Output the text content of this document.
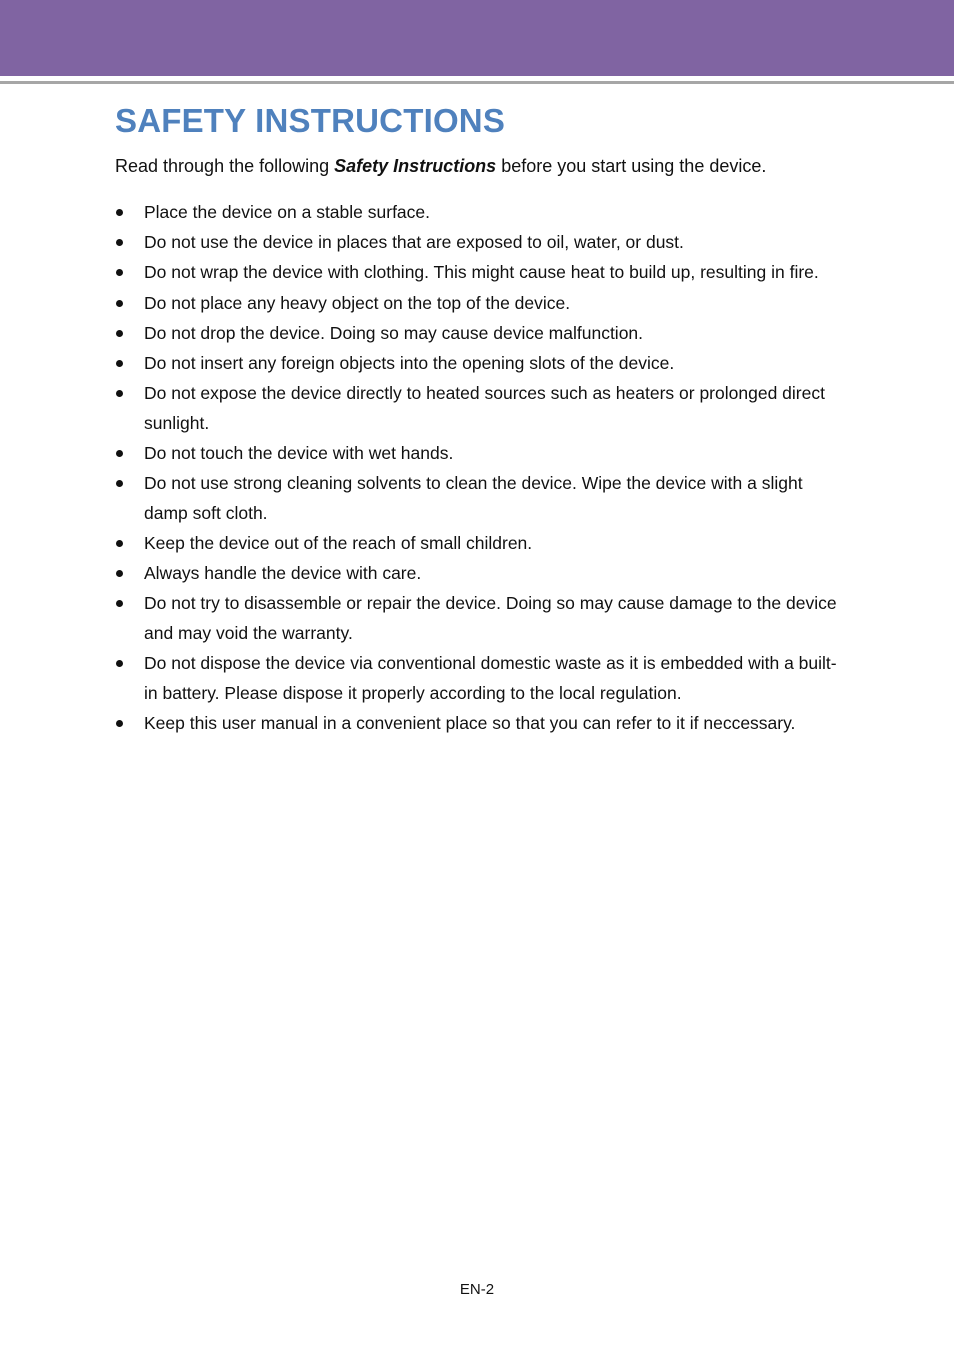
SAFETY INSTRUCTIONS

Read through the following Safety Instructions before you start using the device.

Place the device on a stable surface.
Do not use the device in places that are exposed to oil, water, or dust.
Do not wrap the device with clothing. This might cause heat to build up, resulting in fire.
Do not place any heavy object on the top of the device.
Do not drop the device. Doing so may cause device malfunction.
Do not insert any foreign objects into the opening slots of the device.
Do not expose the device directly to heated sources such as heaters or prolonged direct sunlight.
Do not touch the device with wet hands.
Do not use strong cleaning solvents to clean the device. Wipe the device with a slight damp soft cloth.
Keep the device out of the reach of small children.
Always handle the device with care.
Do not try to disassemble or repair the device. Doing so may cause damage to the device and may void the warranty.
Do not dispose the device via conventional domestic waste as it is embedded with a built-in battery. Please dispose it properly according to the local regulation.
Keep this user manual in a convenient place so that you can refer to it if neccessary.
EN-2
